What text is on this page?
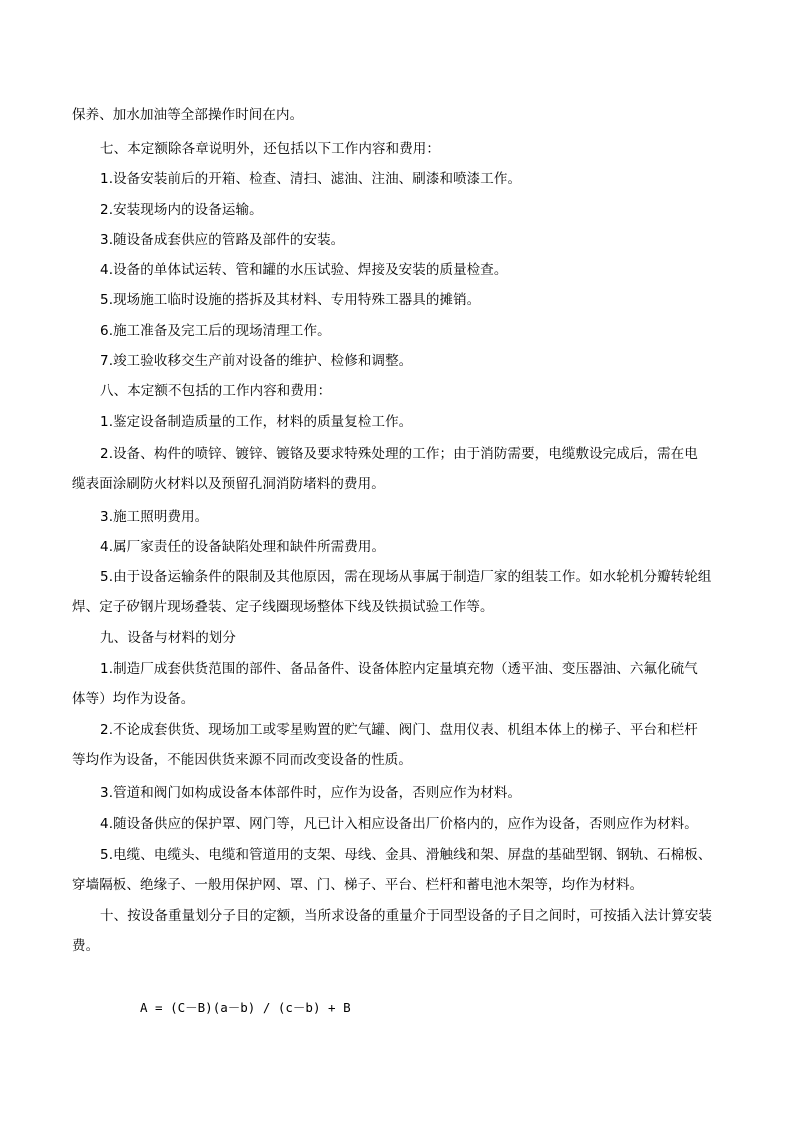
保养、加水加油等全部操作时间在内。
七、本定额除各章说明外，还包括以下工作内容和费用：
1.设备安装前后的开箱、检查、清扫、滤油、注油、刷漆和喷漆工作。
2.安装现场内的设备运输。
3.随设备成套供应的管路及部件的安装。
4.设备的单体试运转、管和罐的水压试验、焊接及安装的质量检查。
5.现场施工临时设施的搭拆及其材料、专用特殊工器具的摊销。
6.施工准备及完工后的现场清理工作。
7.竣工验收移交生产前对设备的维护、检修和调整。
八、本定额不包括的工作内容和费用：
1.鉴定设备制造质量的工作，材料的质量复检工作。
2.设备、构件的喷锌、镀锌、镀铬及要求特殊处理的工作；由于消防需要，电缆敷设完成后，需在电
缆表面涂刷防火材料以及预留孔洞消防堵料的费用。
3.施工照明费用。
4.属厂家责任的设备缺陷处理和缺件所需费用。
5.由于设备运输条件的限制及其他原因，需在现场从事属于制造厂家的组装工作。如水轮机分瓣转轮组
焊、定子矽钢片现场叠装、定子线圈现场整体下线及铁损试验工作等。
九、设备与材料的划分
1.制造厂成套供货范围的部件、备品备件、设备体腔内定量填充物（透平油、变压器油、六氟化硫气
体等）均作为设备。
2.不论成套供货、现场加工或零星购置的贮气罐、阀门、盘用仪表、机组本体上的梯子、平台和栏杆
等均作为设备，不能因供货来源不同而改变设备的性质。
3.管道和阀门如构成设备本体部件时，应作为设备，否则应作为材料。
4.随设备供应的保护罩、网门等，凡已计入相应设备出厂价格内的，应作为设备，否则应作为材料。
5.电缆、电缆头、电缆和管道用的支架、母线、金具、滑触线和架、屏盘的基础型钢、钢轨、石棉板、
穿墙隔板、绝缘子、一般用保护网、罩、门、梯子、平台、栏杆和蓄电池木架等，均作为材料。
十、按设备重量划分子目的定额，当所求设备的重量介于同型设备的子目之间时，可按插入法计算安装
费。
A = (C－B)(a－b) / (c－b) + B
